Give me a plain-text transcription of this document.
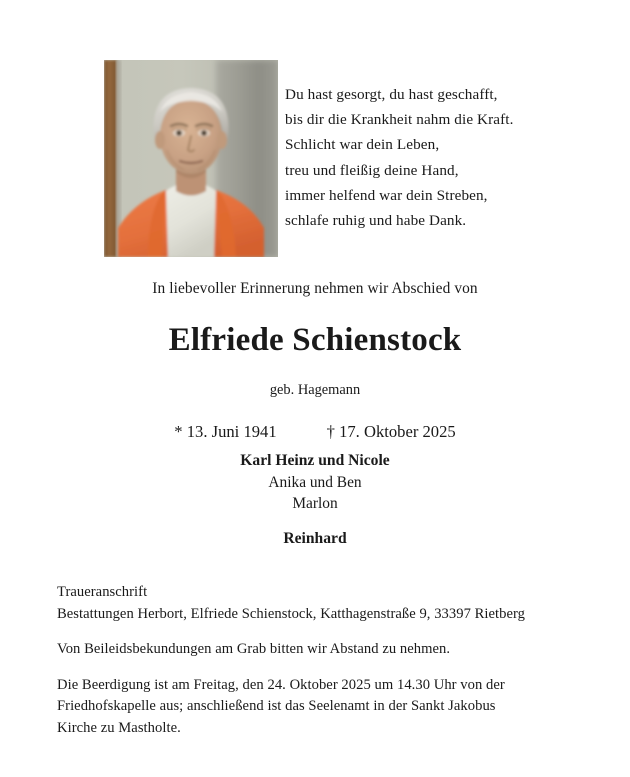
Du hast gesorgt, du hast geschafft,
bis dir die Krankheit nahm die Kraft.
Schlicht war dein Leben,
treu und fleißig deine Hand,
immer helfend war dein Streben,
schlafe ruhig und habe Dank.
In liebevoller Erinnerung nehmen wir Abschied von
Elfriede Schienstock
geb. Hagemann
* 13. Juni 1941	† 17. Oktober 2025
Karl Heinz und Nicole
Anika und Ben
Marlon
Reinhard

Traueranschrift
Bestattungen Herbort, Elfriede Schienstock, Katthagenstraße 9, 33397 Rietberg

Von Beileidsbekundungen am Grab bitten wir Abstand zu nehmen.

Die Beerdigung ist am Freitag, den 24. Oktober 2025 um 14.30 Uhr von der
Friedhofskapelle aus; anschließend ist das Seelenamt in der Sankt Jakobus
Kirche zu Mastholte.
